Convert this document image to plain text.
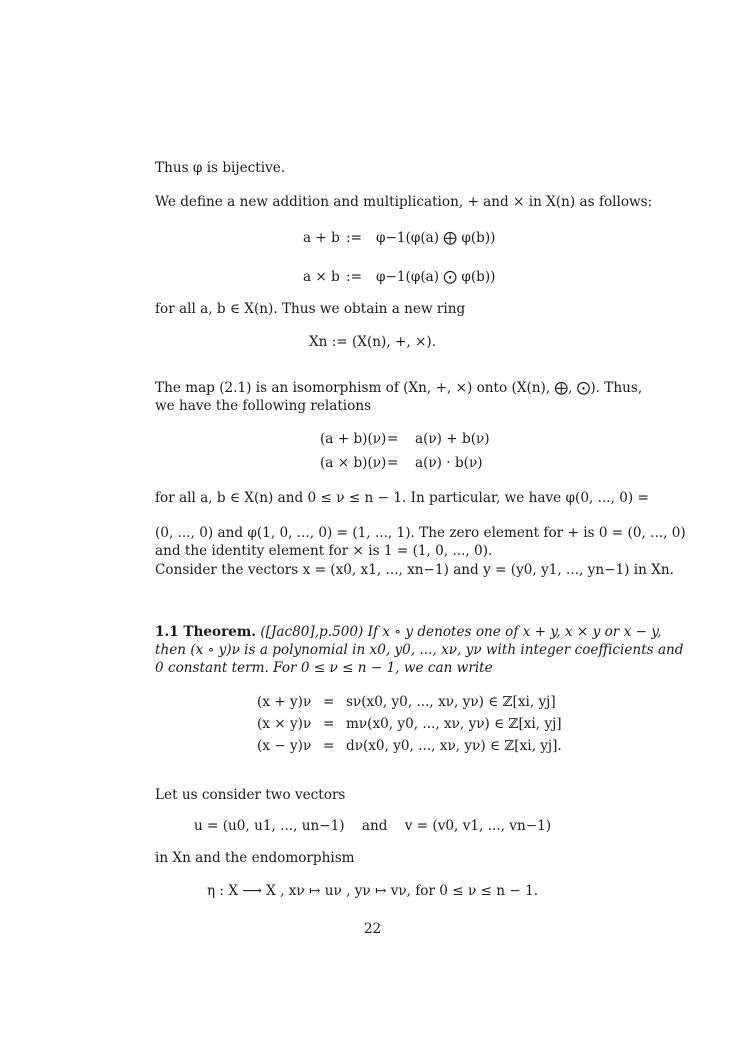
Thus φ is bijective.
We define a new addition and multiplication, + and × in X(n) as follows:
a + b := φ−1(φ(a) ⨁ φ(b))
a × b := φ−1(φ(a) ⨀ φ(b))
for all a, b ∈ X(n). Thus we obtain a new ring
Xn := (X(n), +, ×).
The map (2.1) is an isomorphism of (Xn, +, ×) onto (X(n), ⨁, ⨀). Thus,
we have the following relations
(a + b)(ν) = a(ν) + b(ν)
(a × b)(ν) = a(ν) · b(ν)
for all a, b ∈ X(n) and 0 ≤ ν ≤ n − 1. In particular, we have φ(0, ..., 0) =
(0, ..., 0) and φ(1, 0, ..., 0) = (1, ..., 1). The zero element for + is 0 = (0, ..., 0)
and the identity element for × is 1 = (1, 0, ..., 0).
Consider the vectors x = (x0, x1, ..., xn−1) and y = (y0, y1, ..., yn−1) in Xn.
1.1 Theorem. ([Jac80],p.500) If x ∘ y denotes one of x + y, x × y or x − y,
then (x ∘ y)ν is a polynomial in x0, y0, ..., xν, yν with integer coefficients and
0 constant term. For 0 ≤ ν ≤ n − 1, we can write
(x + y)ν = sν(x0, y0, ..., xν, yν) ∈ ℤ[xi, yj]
(x × y)ν = mν(x0, y0, ..., xν, yν) ∈ ℤ[xi, yj]
(x − y)ν = dν(x0, y0, ..., xν, yν) ∈ ℤ[xi, yj].
Let us consider two vectors
u = (u0, u1, ..., un−1)    and    v = (v0, v1, ..., vn−1)
in Xn and the endomorphism
η : X ⟶ X , xν ↦ uν , yν ↦ vν, for 0 ≤ ν ≤ n − 1.
22
